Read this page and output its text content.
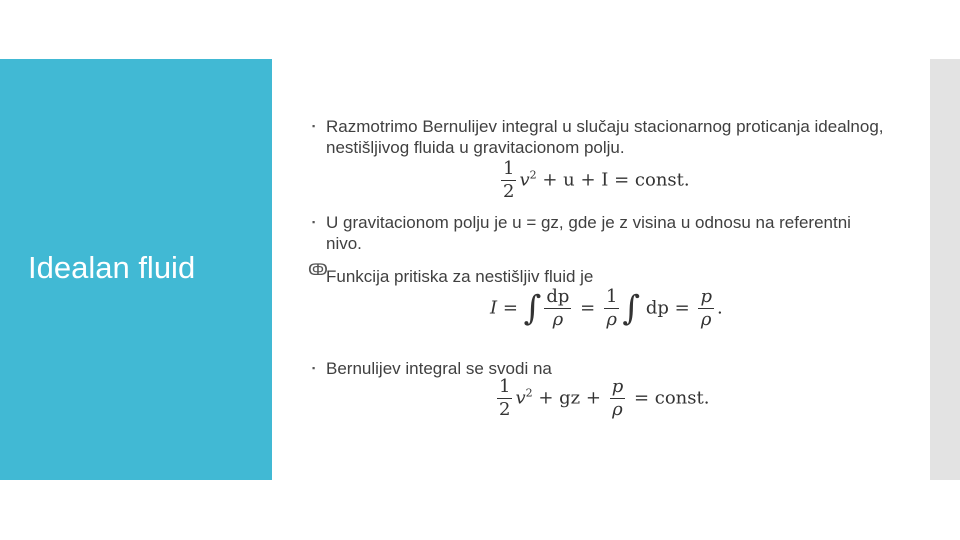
Idealan fluid
▪ Razmotrimo Bernulijev integral u slučaju stacionarnog proticanja idealnog, nestišljivog fluida u gravitacionom polju.
$\frac{1}{2} v^2 + u + I$ = const.
▪ U gravitacionom polju je u = gz, gde je z visina u odnosu na referentni nivo.
ↂ
Funkcija pritiska za nestišljiv fluid je
I = ∫ $\frac{dp}{\rho} = \frac{1}{\rho}$ ∫ dp = $\frac{p}{\rho}$ .
▪ Bernulijev integral se svodi na
$\frac{1}{2} v^2$ + gz + $\frac{p}{\rho}$ = const.
